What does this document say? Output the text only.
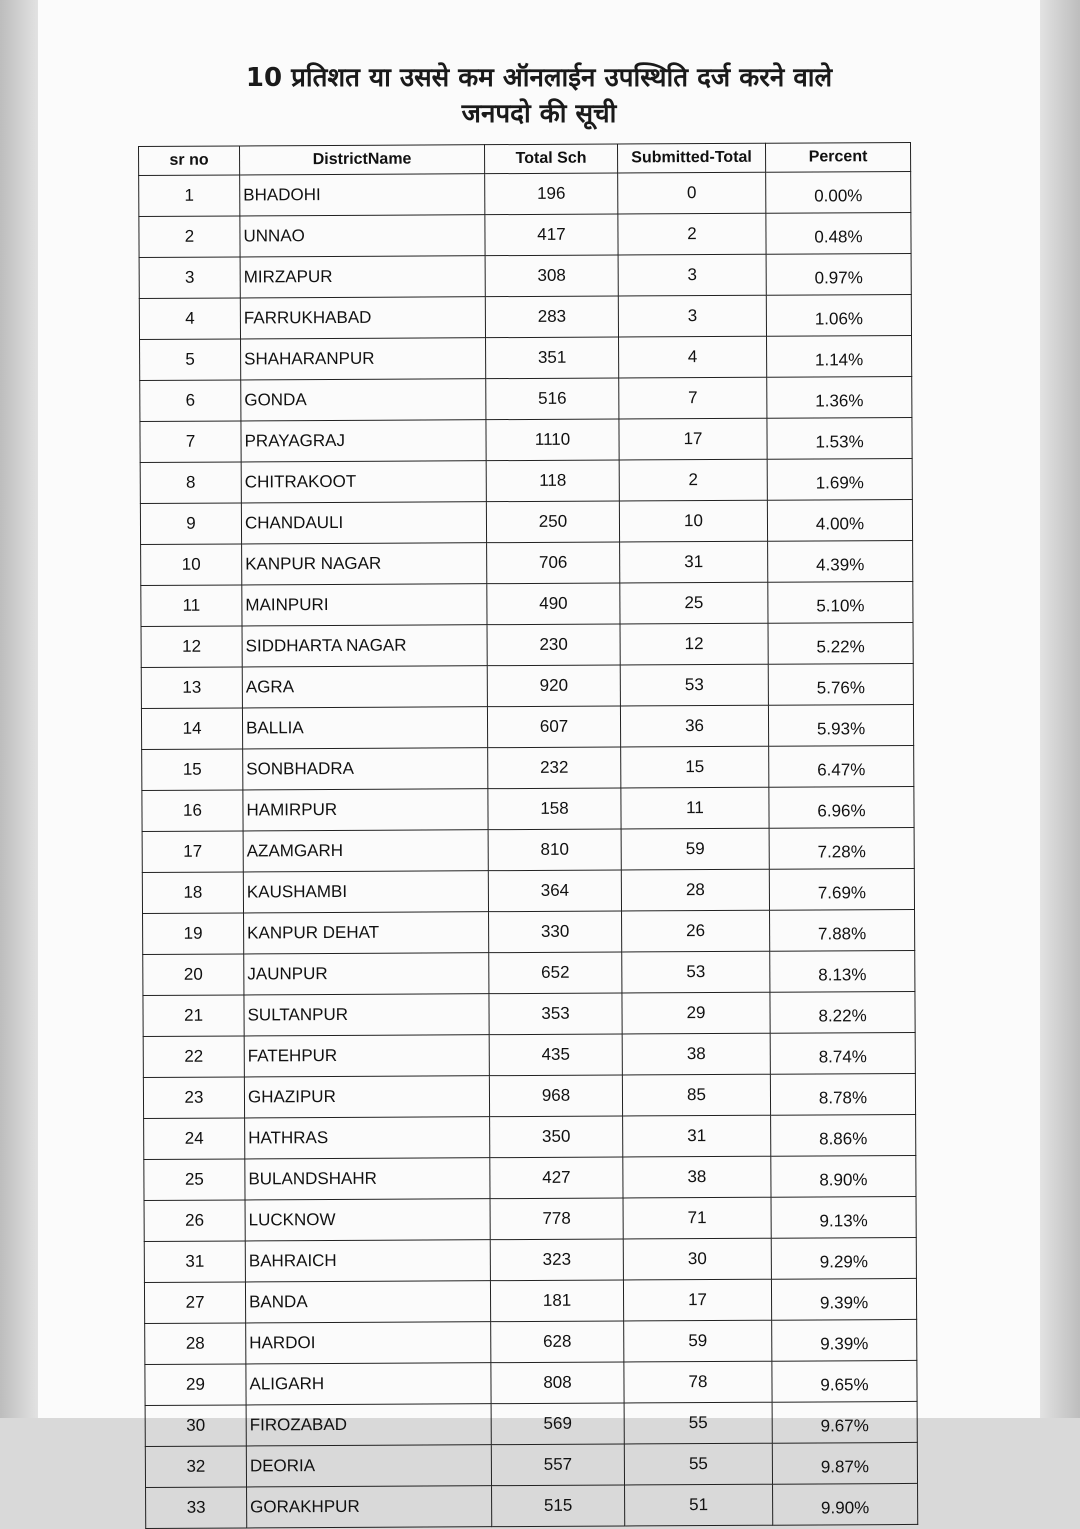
10 प्रतिशत या उससे कम ऑनलाईन उपस्थिति दर्ज करने वाले
जनपदो की सूची
sr no	DistrictName	Total Sch	Submitted-Total	Percent
1	BHADOHI	196	0	0.00%
2	UNNAO	417	2	0.48%
3	MIRZAPUR	308	3	0.97%
4	FARRUKHABAD	283	3	1.06%
5	SHAHARANPUR	351	4	1.14%
6	GONDA	516	7	1.36%
7	PRAYAGRAJ	1110	17	1.53%
8	CHITRAKOOT	118	2	1.69%
9	CHANDAULI	250	10	4.00%
10	KANPUR NAGAR	706	31	4.39%
11	MAINPURI	490	25	5.10%
12	SIDDHARTA NAGAR	230	12	5.22%
13	AGRA	920	53	5.76%
14	BALLIA	607	36	5.93%
15	SONBHADRA	232	15	6.47%
16	HAMIRPUR	158	11	6.96%
17	AZAMGARH	810	59	7.28%
18	KAUSHAMBI	364	28	7.69%
19	KANPUR DEHAT	330	26	7.88%
20	JAUNPUR	652	53	8.13%
21	SULTANPUR	353	29	8.22%
22	FATEHPUR	435	38	8.74%
23	GHAZIPUR	968	85	8.78%
24	HATHRAS	350	31	8.86%
25	BULANDSHAHR	427	38	8.90%
26	LUCKNOW	778	71	9.13%
31	BAHRAICH	323	30	9.29%
27	BANDA	181	17	9.39%
28	HARDOI	628	59	9.39%
29	ALIGARH	808	78	9.65%
30	FIROZABAD	569	55	9.67%
32	DEORIA	557	55	9.87%
33	GORAKHPUR	515	51	9.90%
